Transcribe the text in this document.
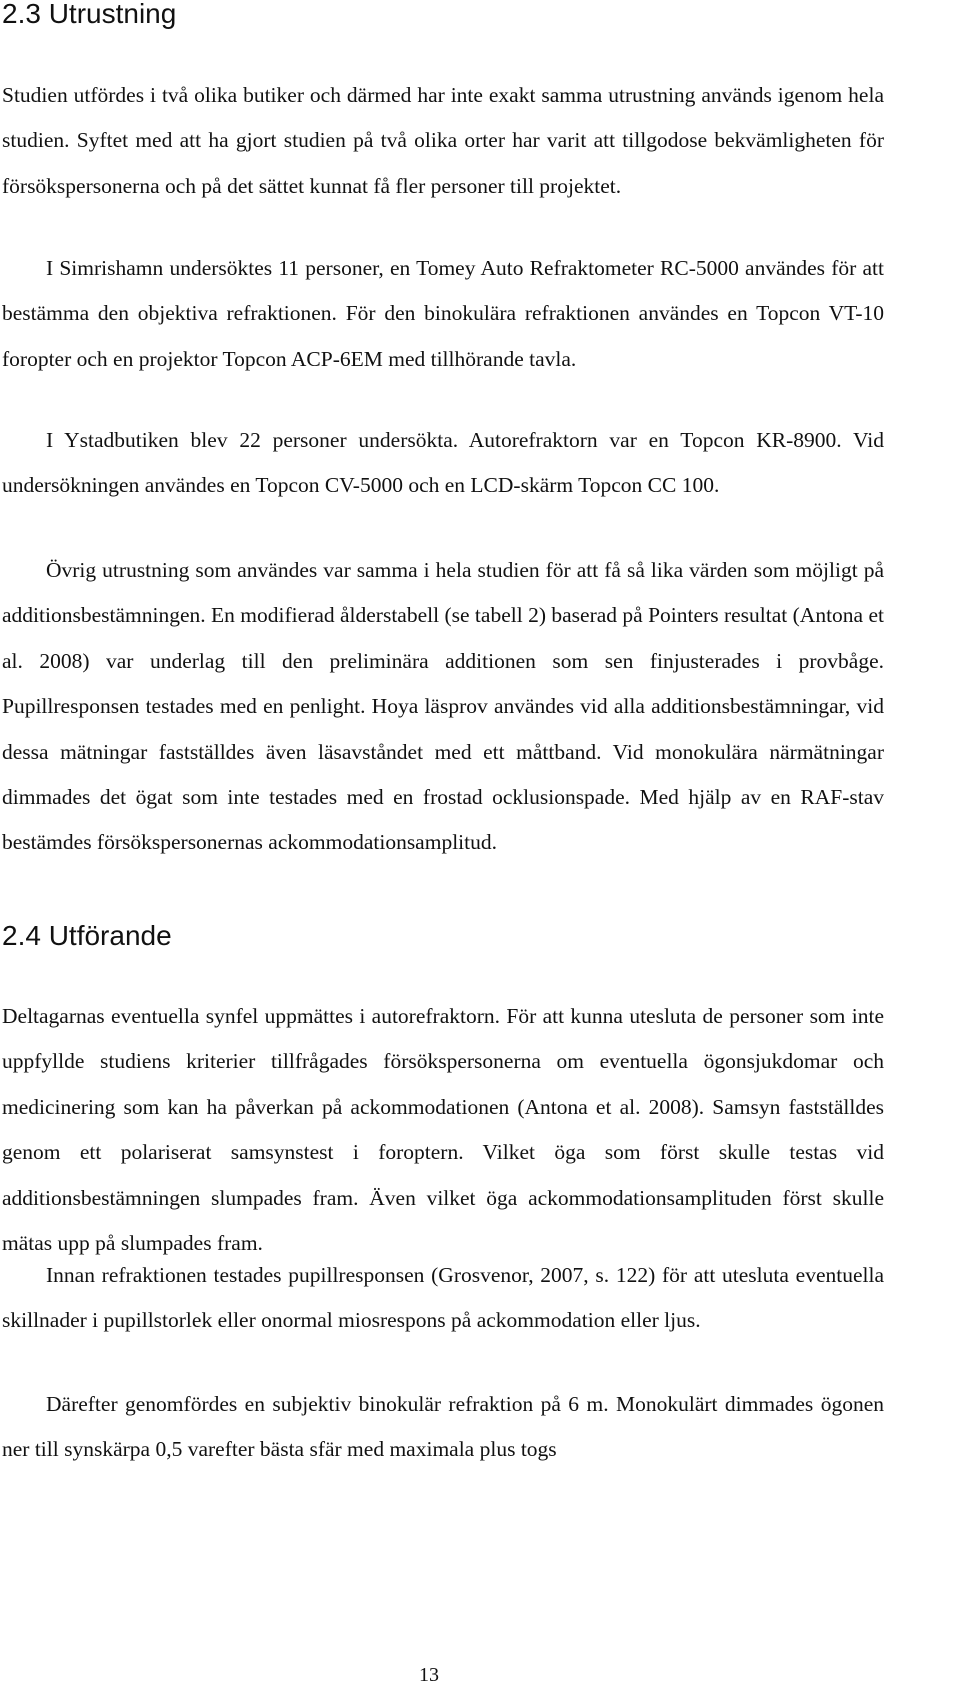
2.3 Utrustning

Studien utfördes i två olika butiker och därmed har inte exakt samma utrustning används igenom hela studien. Syftet med att ha gjort studien på två olika orter har varit att tillgodose bekvämligheten för försökspersonerna och på det sättet kunnat få fler personer till projektet.

I Simrishamn undersöktes 11 personer, en Tomey Auto Refraktometer RC-5000 användes för att bestämma den objektiva refraktionen. För den binokulära refraktionen användes en Topcon VT-10 foropter och en projektor Topcon ACP-6EM med tillhörande tavla.

I Ystadbutiken blev 22 personer undersökta. Autorefraktorn var en Topcon KR-8900. Vid undersökningen användes en Topcon CV-5000 och en LCD-skärm Topcon CC 100.

Övrig utrustning som användes var samma i hela studien för att få så lika värden som möjligt på additionsbestämningen. En modifierad ålderstabell (se tabell 2) baserad på Pointers resultat (Antona et al. 2008) var underlag till den preliminära additionen som sen finjusterades i provbåge. Pupillresponsen testades med en penlight. Hoya läsprov användes vid alla additionsbestämningar, vid dessa mätningar fastställdes även läsavståndet med ett måttband. Vid monokulära närmätningar dimmades det ögat som inte testades med en frostad ocklusionspade. Med hjälp av en RAF-stav bestämdes försökspersonernas ackommodationsamplitud.

2.4 Utförande

Deltagarnas eventuella synfel uppmättes i autorefraktorn. För att kunna utesluta de personer som inte uppfyllde studiens kriterier tillfrågades försökspersonerna om eventuella ögonsjukdomar och medicinering som kan ha påverkan på ackommodationen (Antona et al. 2008). Samsyn fastställdes genom ett polariserat samsynstest i foroptern. Vilket öga som först skulle testas vid additionsbestämningen slumpades fram. Även vilket öga ackommodationsamplituden först skulle mätas upp på slumpades fram.

Innan refraktionen testades pupillresponsen (Grosvenor, 2007, s. 122) för att utesluta eventuella skillnader i pupillstorlek eller onormal miosrespons på ackommodation eller ljus.

Därefter genomfördes en subjektiv binokulär refraktion på 6 m. Monokulärt dimmades ögonen ner till synskärpa 0,5 varefter bästa sfär med maximala plus togs

13
